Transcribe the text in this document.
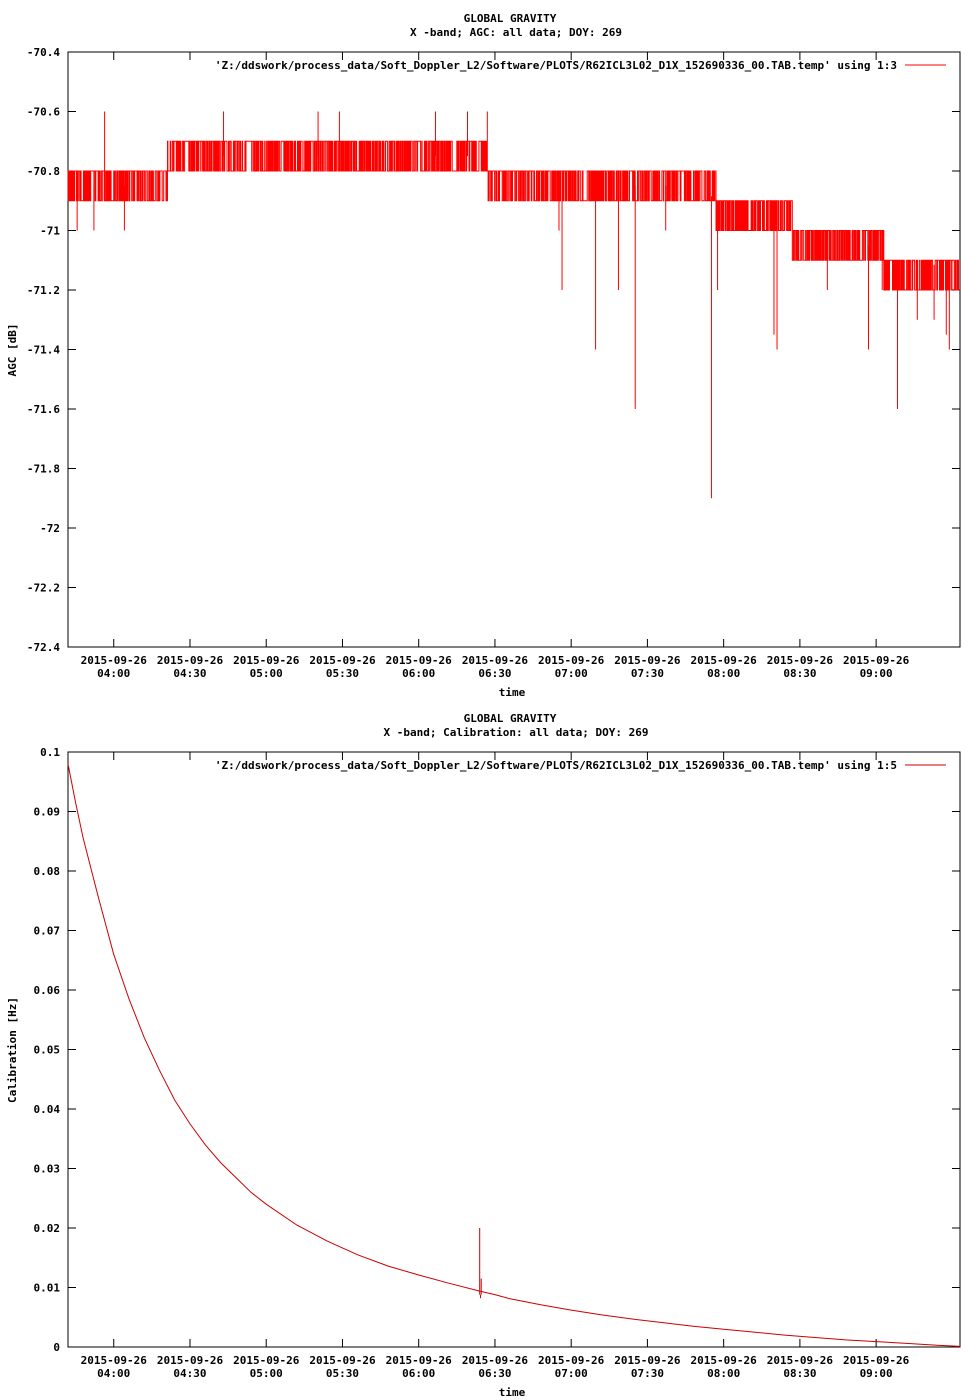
GLOBAL GRAVITY
X -band; AGC: all data; DOY: 269
AGC [dB]
time
'Z:/ddswork/process_data/Soft_Doppler_L2/Software/PLOTS/R62ICL3L02_D1X_152690336_00.TAB.temp' using 1:3
-70.4
-70.6
-70.8
-71
-71.2
-71.4
-71.6
-71.8
-72
-72.2
-72.4
2015-09-26
04:00
2015-09-26
04:30
2015-09-26
05:00
2015-09-26
05:30
2015-09-26
06:00
2015-09-26
06:30
2015-09-26
07:00
2015-09-26
07:30
2015-09-26
08:00
2015-09-26
08:30
2015-09-26
09:00
GLOBAL GRAVITY
X -band; Calibration: all data; DOY: 269
Calibration [Hz]
time
'Z:/ddswork/process_data/Soft_Doppler_L2/Software/PLOTS/R62ICL3L02_D1X_152690336_00.TAB.temp' using 1:5
0
0.01
0.02
0.03
0.04
0.05
0.06
0.07
0.08
0.09
0.1
2015-09-26
04:00
2015-09-26
04:30
2015-09-26
05:00
2015-09-26
05:30
2015-09-26
06:00
2015-09-26
06:30
2015-09-26
07:00
2015-09-26
07:30
2015-09-26
08:00
2015-09-26
08:30
2015-09-26
09:00
